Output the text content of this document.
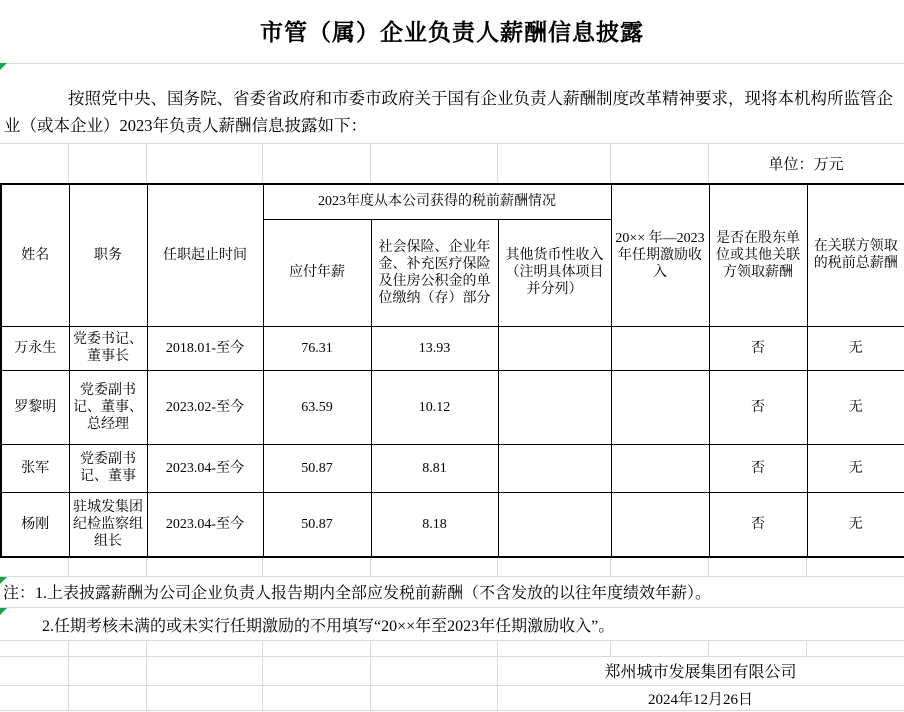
市管（属）企业负责人薪酬信息披露
按照党中央、国务院、省委省政府和市委市政府关于国有企业负责人薪酬制度改革精神要求，现将本机构所监管企业（或本企业）2023年负责人薪酬信息披露如下：
单位：万元
姓名	职务	任职起止时间	2023年度从本公司获得的税前薪酬情况			20×× 年—2023年任期激励收入	是否在股东单位或其他关联方领取薪酬	在关联方领取的税前总薪酬
			应付年薪	社会保险、企业年金、补充医疗保险及住房公积金的单位缴纳（存）部分	其他货币性收入（注明具体项目并分列）			
万永生	党委书记、董事长	2018.01-至今	76.31	13.93			否	无
罗黎明	党委副书记、董事、总经理	2023.02-至今	63.59	10.12			否	无
张军	党委副书记、董事	2023.04-至今	50.87	8.81			否	无
杨刚	驻城发集团纪检监察组组长	2023.04-至今	50.87	8.18			否	无
注：1.上表披露薪酬为公司企业负责人报告期内全部应发税前薪酬（不含发放的以往年度绩效年薪）。
2.任期考核未满的或未实行任期激励的不用填写“20××年至2023年任期激励收入”。
郑州城市发展集团有限公司
2024年12月26日
